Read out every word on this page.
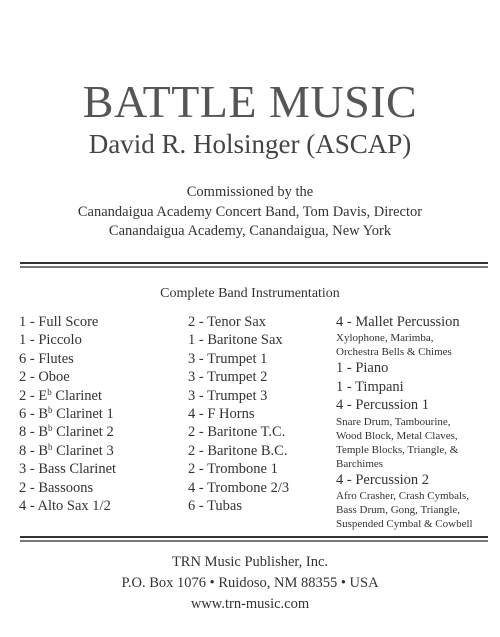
BATTLE MUSIC
David R. Holsinger (ASCAP)
Commissioned by the
Canandaigua Academy Concert Band, Tom Davis, Director
Canandaigua Academy, Canandaigua, New York
Complete Band Instrumentation
1 - Full Score
1 - Piccolo
6 - Flutes
2 - Oboe
$2 - E^b$ Clarinet
$6 - B^b$ Clarinet 1
$8 - B^b$ Clarinet 2
$8 - B^b$ Clarinet 3
3 - Bass Clarinet
2 - Bassoons
4 - Alto Sax 1/2
2 - Tenor Sax
1 - Baritone Sax
3 - Trumpet 1
3 - Trumpet 2
3 - Trumpet 3
4 - F Horns
2 - Baritone T.C.
2 - Baritone B.C.
2 - Trombone 1
4 - Trombone 2/3
6 - Tubas
4 - Mallet Percussion
Xylophone, Marimba,
Orchestra Bells & Chimes
1 - Piano
1 - Timpani
4 - Percussion 1
Snare Drum, Tambourine,
Wood Block, Metal Claves,
Temple Blocks, Triangle, &
Barchimes
4 - Percussion 2
Afro Crasher, Crash Cymbals,
Bass Drum, Gong, Triangle,
Suspended Cymbal & Cowbell
TRN Music Publisher, Inc.
P.O. Box 1076 • Ruidoso, NM 88355 • USA
www.trn-music.com
